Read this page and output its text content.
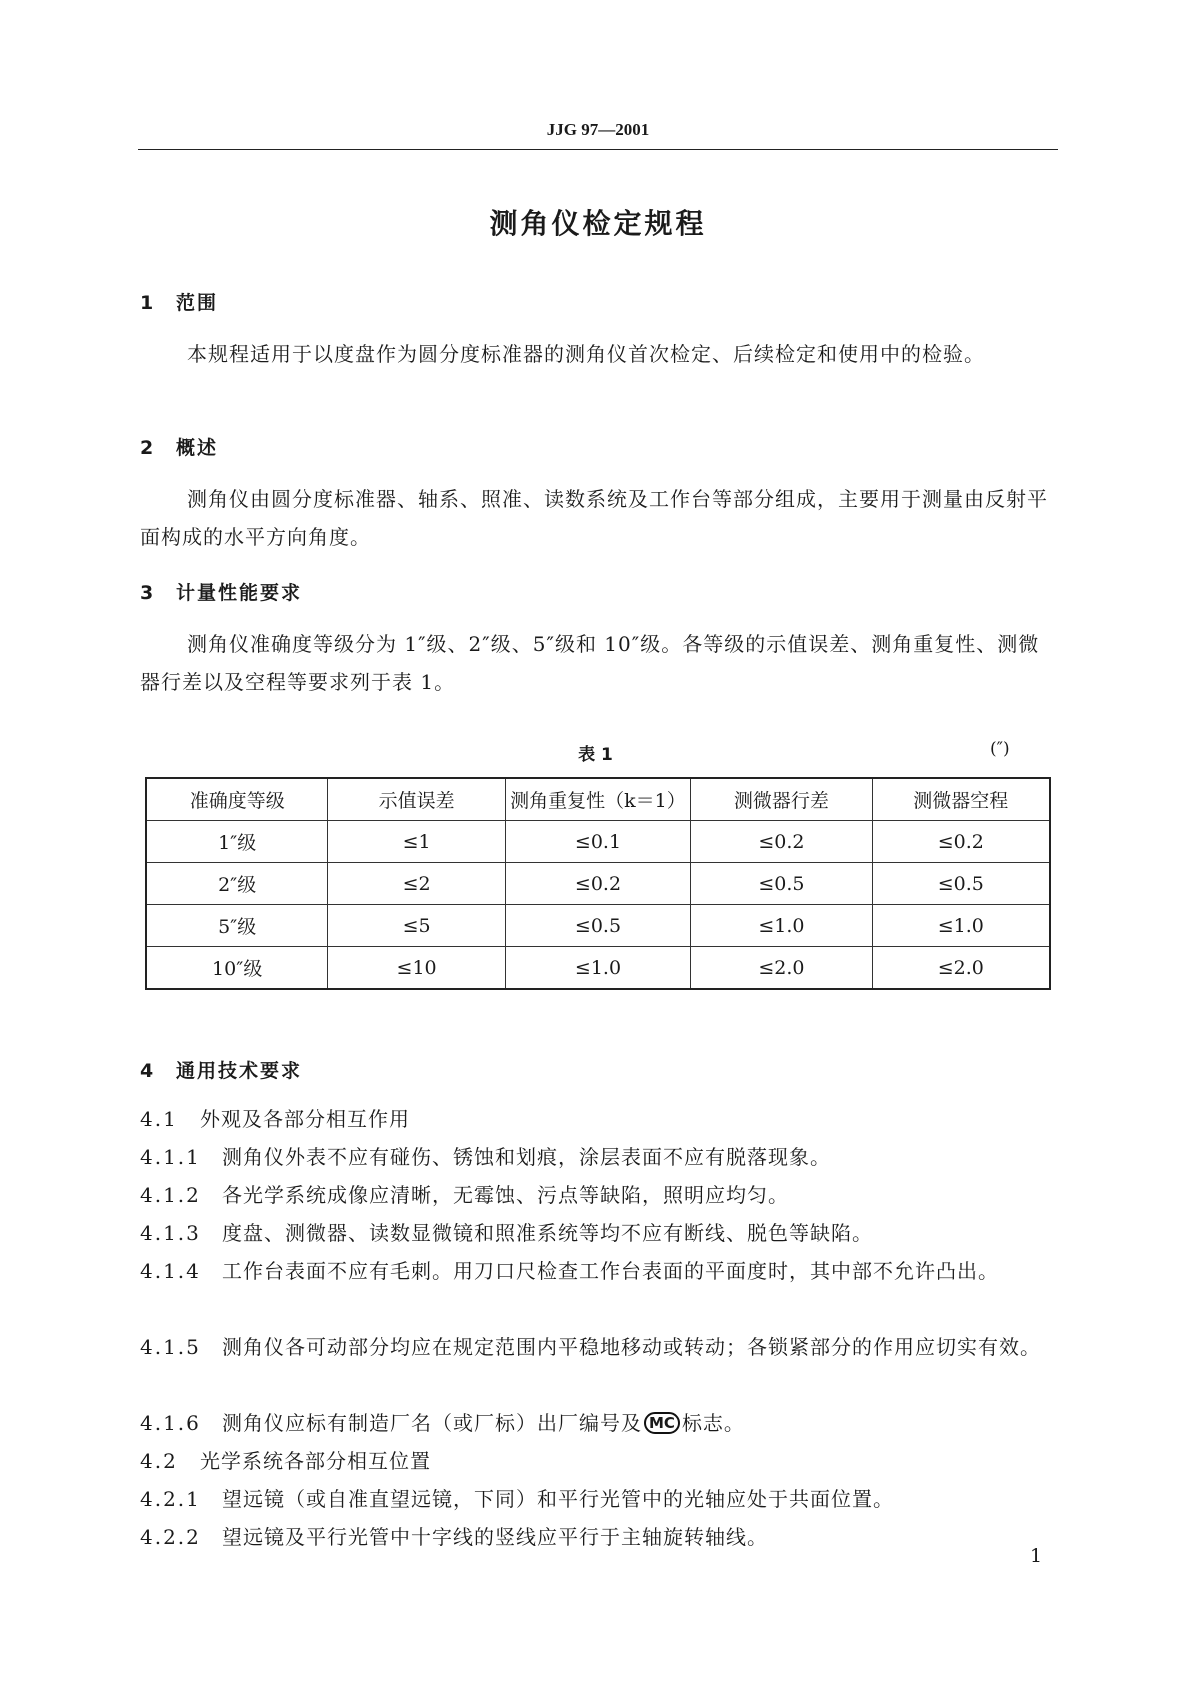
JJG 97—2001
测角仪检定规程
1 范围
本规程适用于以度盘作为圆分度标准器的测角仪首次检定、后续检定和使用中的检验。
2 概述
测角仪由圆分度标准器、轴系、照准、读数系统及工作台等部分组成，主要用于测量由反射平面构成的水平方向角度。
3 计量性能要求
测角仪准确度等级分为 1″级、2″级、5″级和 10″级。各等级的示值误差、测角重复性、测微器行差以及空程等要求列于表 1。
表 1	(″)
准确度等级	示值误差	测角重复性（k＝1）	测微器行差	测微器空程
1″级	≤1	≤0.1	≤0.2	≤0.2
2″级	≤2	≤0.2	≤0.5	≤0.5
5″级	≤5	≤0.5	≤1.0	≤1.0
10″级	≤10	≤1.0	≤2.0	≤2.0
4 通用技术要求
4.1 外观及各部分相互作用
4.1.1 测角仪外表不应有碰伤、锈蚀和划痕，涂层表面不应有脱落现象。
4.1.2 各光学系统成像应清晰，无霉蚀、污点等缺陷，照明应均匀。
4.1.3 度盘、测微器、读数显微镜和照准系统等均不应有断线、脱色等缺陷。
4.1.4 工作台表面不应有毛刺。用刀口尺检查工作台表面的平面度时，其中部不允许凸出。
4.1.5 测角仪各可动部分均应在规定范围内平稳地移动或转动；各锁紧部分的作用应切实有效。
4.1.6 测角仪应标有制造厂名（或厂标）出厂编号及 MC 标志。
4.2 光学系统各部分相互位置
4.2.1 望远镜（或自准直望远镜，下同）和平行光管中的光轴应处于共面位置。
4.2.2 望远镜及平行光管中十字线的竖线应平行于主轴旋转轴线。
1
